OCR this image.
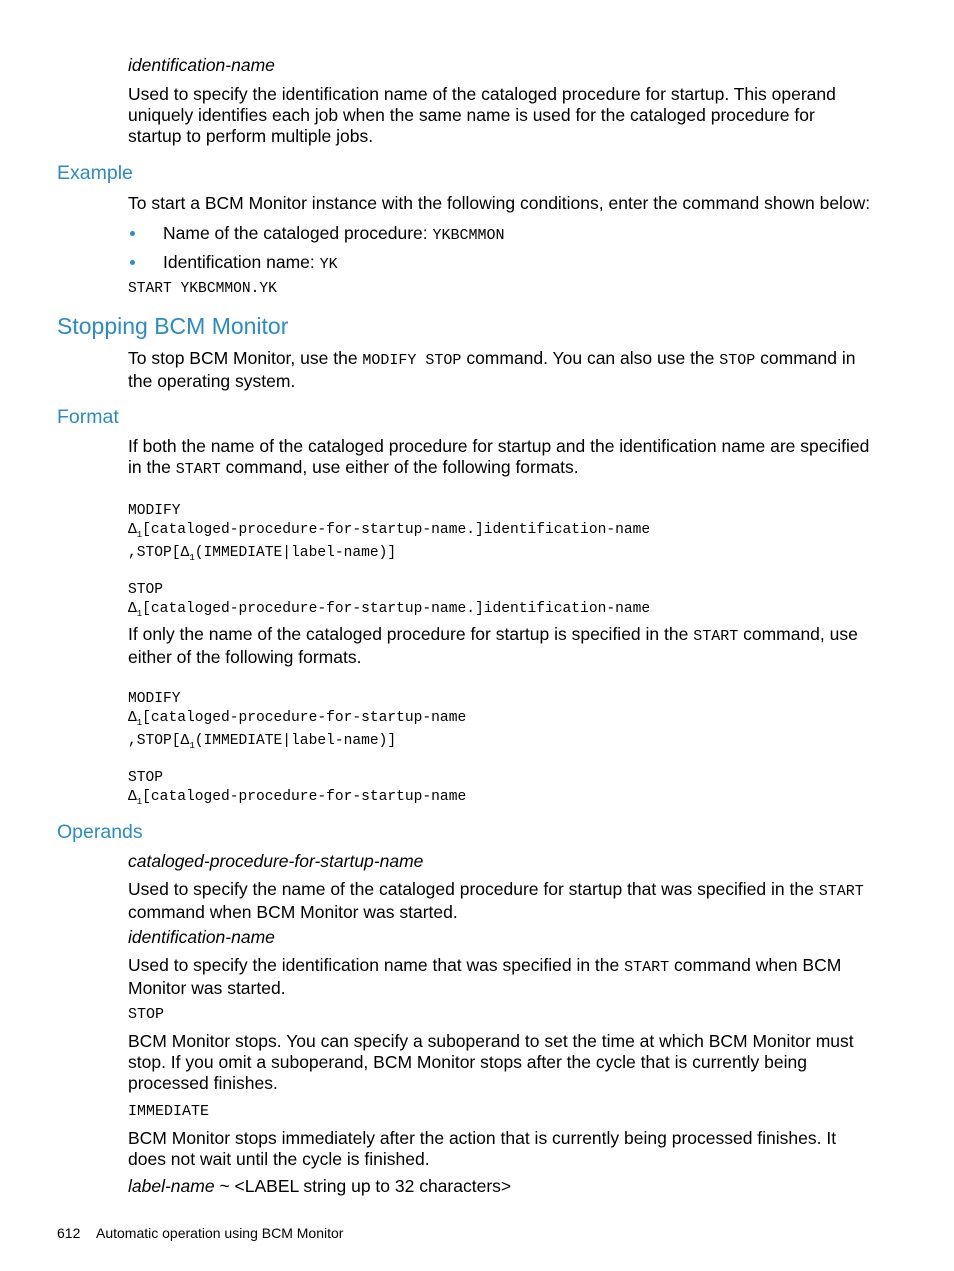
identification-name

Used to specify the identification name of the cataloged procedure for startup. This operand uniquely identifies each job when the same name is used for the cataloged procedure for startup to perform multiple jobs.

Example

To start a BCM Monitor instance with the following conditions, enter the command shown below:

Name of the cataloged procedure: YKBCMMON
Identification name: YK
START YKBCMMON.YK
Stopping BCM Monitor

To stop BCM Monitor, use the MODIFY STOP command. You can also use the STOP command in the operating system.

Format

If both the name of the cataloged procedure for startup and the identification name are specified in the START command, use either of the following formats.

MODIFY
$\Delta_1[cataloged-procedure-for-startup-name.]identification$-name
$,STOP[\Delta_1(IMMEDIATE|label-name)]$
STOP
$\Delta_1[cataloged-procedure-for-startup-name.]identification$-name

If only the name of the cataloged procedure for startup is specified in the START command, use either of the following formats.

MODIFY
$\Delta_1[cataloged-procedure-for-startup$-name
$,STOP[\Delta_1(IMMEDIATE|label-name)]$
STOP
$\Delta_1[cataloged-procedure-for-startup$-name
Operands

cataloged-procedure-for-startup-name

Used to specify the name of the cataloged procedure for startup that was specified in the START command when BCM Monitor was started.

identification-name

Used to specify the identification name that was specified in the START command when BCM Monitor was started.

STOP

BCM Monitor stops. You can specify a suboperand to set the time at which BCM Monitor must stop. If you omit a suboperand, BCM Monitor stops after the cycle that is currently being processed finishes.

IMMEDIATE

BCM Monitor stops immediately after the action that is currently being processed finishes. It does not wait until the cycle is finished.

label-name ~ <LABEL string up to 32 characters>

612 Automatic operation using BCM Monitor
